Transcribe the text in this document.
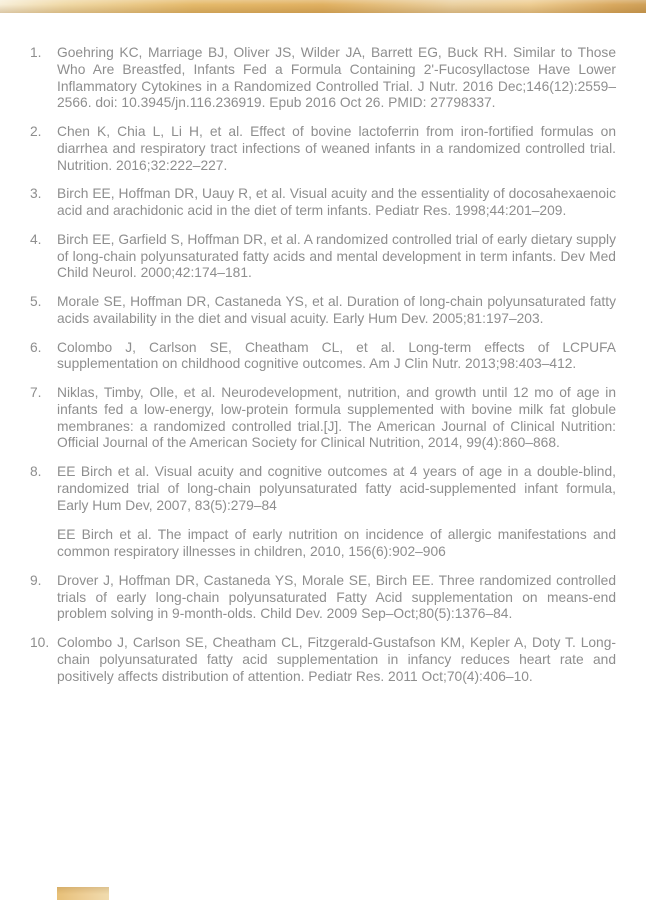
1.	Goehring KC, Marriage BJ, Oliver JS, Wilder JA, Barrett EG, Buck RH. Similar to Those Who Are Breastfed, Infants Fed a Formula Containing 2'-Fucosyllactose Have Lower Inflammatory Cytokines in a Randomized Controlled Trial. J Nutr. 2016 Dec;146(12):2559–2566. doi: 10.3945/jn.116.236919. Epub 2016 Oct 26. PMID: 27798337.

2.	Chen K, Chia L, Li H, et al. Effect of bovine lactoferrin from iron-fortified formulas on diarrhea and respiratory tract infections of weaned infants in a randomized controlled trial. Nutrition. 2016;32:222–227.

3.	Birch EE, Hoffman DR, Uauy R, et al. Visual acuity and the essentiality of docosahexaenoic acid and arachidonic acid in the diet of term infants. Pediatr Res. 1998;44:201–209.

4.	Birch EE, Garfield S, Hoffman DR, et al. A randomized controlled trial of early dietary supply of long-chain polyunsaturated fatty acids and mental development in term infants. Dev Med Child Neurol. 2000;42:174–181.

5.	Morale SE, Hoffman DR, Castaneda YS, et al. Duration of long-chain polyunsaturated fatty acids availability in the diet and visual acuity. Early Hum Dev. 2005;81:197–203.

6.	Colombo J, Carlson SE, Cheatham CL, et al. Long-term effects of LCPUFA supplementation on childhood cognitive outcomes. Am J Clin Nutr. 2013;98:403–412.

7.	Niklas, Timby, Olle, et al. Neurodevelopment, nutrition, and growth until 12 mo of age in infants fed a low-energy, low-protein formula supplemented with bovine milk fat globule membranes: a randomized controlled trial.[J]. The American Journal of Clinical Nutrition: Official Journal of the American Society for Clinical Nutrition, 2014, 99(4):860–868.

8.	EE Birch et al. Visual acuity and cognitive outcomes at 4 years of age in a double-blind, randomized trial of long-chain polyunsaturated fatty acid-supplemented infant formula, Early Hum Dev, 2007, 83(5):279–84

EE Birch et al. The impact of early nutrition on incidence of allergic manifestations and common respiratory illnesses in children, 2010, 156(6):902–906

9.	Drover J, Hoffman DR, Castaneda YS, Morale SE, Birch EE. Three randomized controlled trials of early long-chain polyunsaturated Fatty Acid supplementation on means-end problem solving in 9-month-olds. Child Dev. 2009 Sep–Oct;80(5):1376–84.

10. Colombo J, Carlson SE, Cheatham CL, Fitzgerald-Gustafson KM, Kepler A, Doty T. Long-chain polyunsaturated fatty acid supplementation in infancy reduces heart rate and positively affects distribution of attention. Pediatr Res. 2011 Oct;70(4):406–10.
